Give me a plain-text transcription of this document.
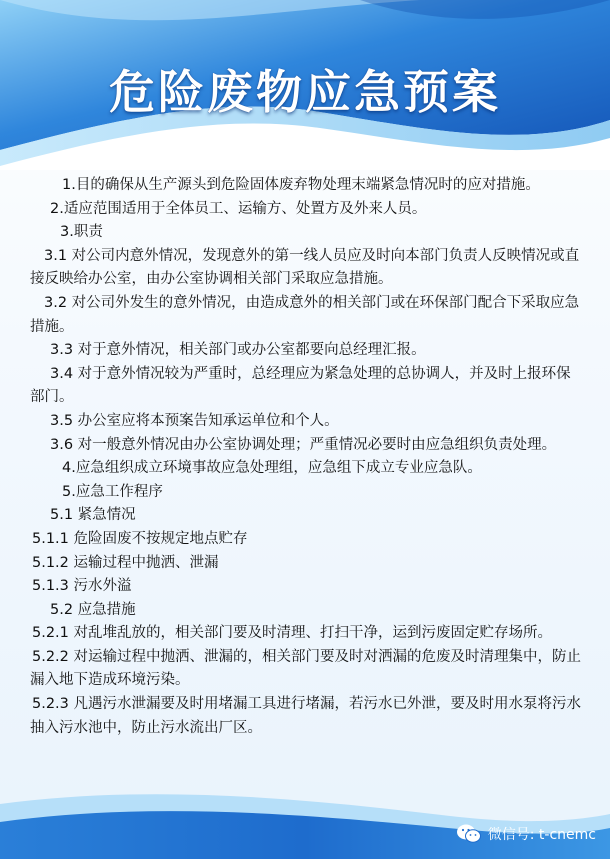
危险废物应急预案

1.目的确保从生产源头到危险固体废弃物处理末端紧急情况时的应对措施。

2.适应范围适用于全体员工、运输方、处置方及外来人员。

3.职责

3.1 对公司内意外情况，发现意外的第一线人员应及时向本部门负责人反映情况或直接反映给办公室，由办公室协调相关部门采取应急措施。

3.2 对公司外发生的意外情况，由造成意外的相关部门或在环保部门配合下采取应急措施。

3.3 对于意外情况，相关部门或办公室都要向总经理汇报。

3.4 对于意外情况较为严重时，总经理应为紧急处理的总协调人，并及时上报环保部门。

3.5 办公室应将本预案告知承运单位和个人。

3.6 对一般意外情况由办公室协调处理；严重情况必要时由应急组织负责处理。

4.应急组织成立环境事故应急处理组，应急组下成立专业应急队。

5.应急工作程序

5.1 紧急情况

5.1.1 危险固废不按规定地点贮存

5.1.2 运输过程中抛洒、泄漏

5.1.3 污水外溢

5.2 应急措施

5.2.1 对乱堆乱放的，相关部门要及时清理、打扫干净，运到污废固定贮存场所。

5.2.2 对运输过程中抛洒、泄漏的，相关部门要及时对洒漏的危废及时清理集中，防止漏入地下造成环境污染。

5.2.3 凡遇污水泄漏要及时用堵漏工具进行堵漏，若污水已外泄，要及时用水泵将污水抽入污水池中，防止污水流出厂区。

微信号: t-cnemc
